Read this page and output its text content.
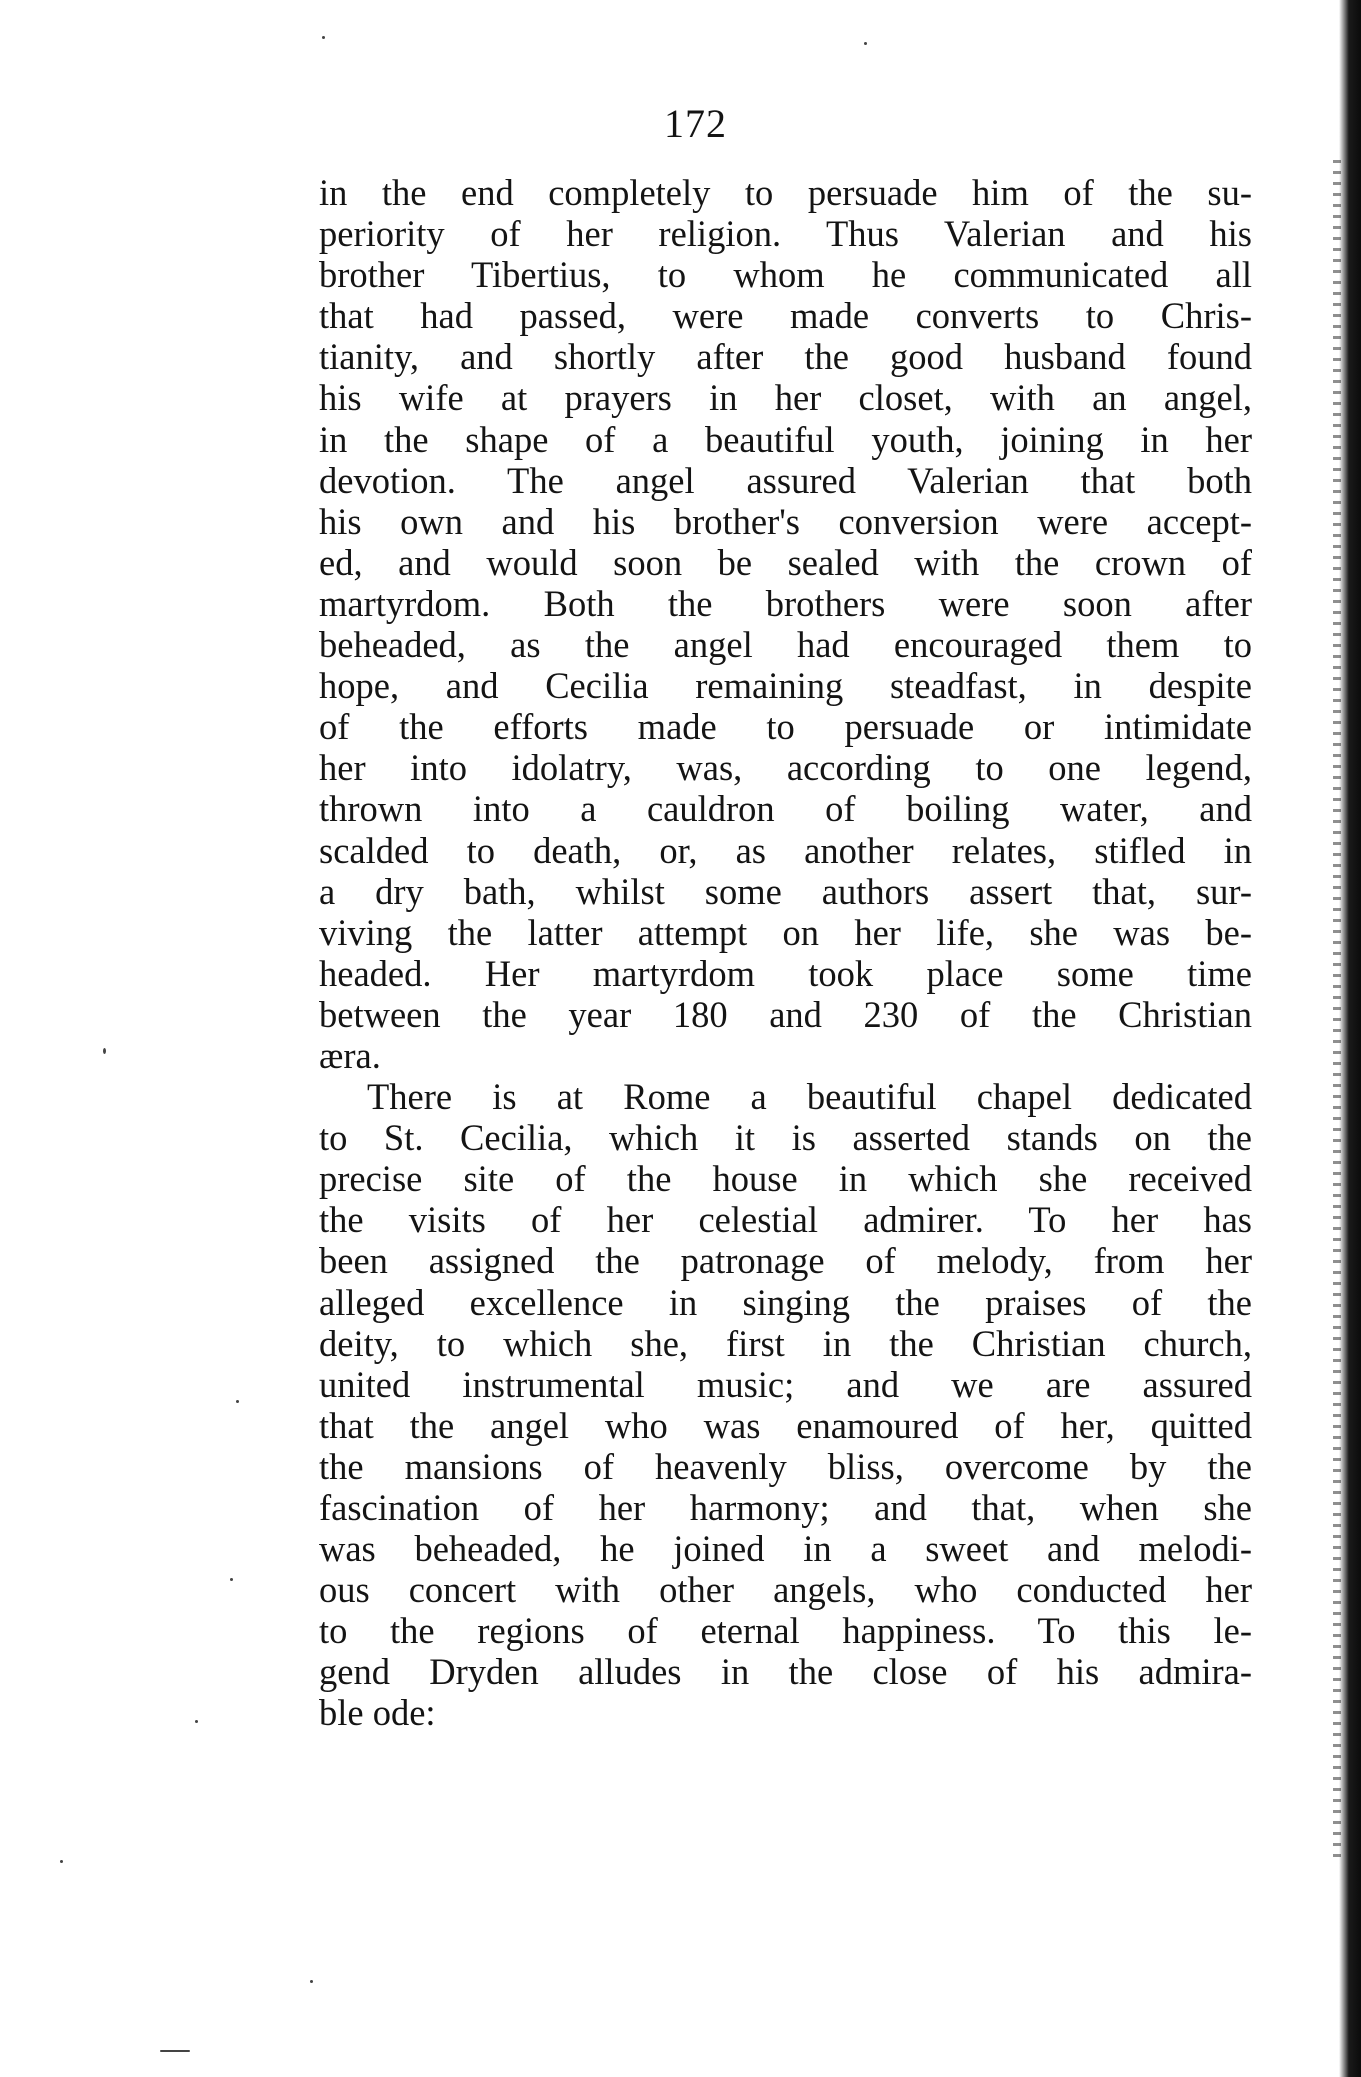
172
in the end completely to persuade him of the su-
periority of her religion. Thus Valerian and his
brother Tibertius, to whom he communicated all
that had passed, were made converts to Chris-
tianity, and shortly after the good husband found
his wife at prayers in her closet, with an angel,
in the shape of a beautiful youth, joining in her
devotion. The angel assured Valerian that both
his own and his brother's conversion were accept-
ed, and would soon be sealed with the crown of
martyrdom. Both the brothers were soon after
beheaded, as the angel had encouraged them to
hope, and Cecilia remaining steadfast, in despite
of the efforts made to persuade or intimidate
her into idolatry, was, according to one legend,
thrown into a cauldron of boiling water, and
scalded to death, or, as another relates, stifled in
a dry bath, whilst some authors assert that, sur-
viving the latter attempt on her life, she was be-
headed. Her martyrdom took place some time
between the year 180 and 230 of the Christian
æra.
There is at Rome a beautiful chapel dedicated
to St. Cecilia, which it is asserted stands on the
precise site of the house in which she received
the visits of her celestial admirer. To her has
been assigned the patronage of melody, from her
alleged excellence in singing the praises of the
deity, to which she, first in the Christian church,
united instrumental music; and we are assured
that the angel who was enamoured of her, quitted
the mansions of heavenly bliss, overcome by the
fascination of her harmony; and that, when she
was beheaded, he joined in a sweet and melodi-
ous concert with other angels, who conducted her
to the regions of eternal happiness. To this le-
gend Dryden alludes in the close of his admira-
ble ode:
